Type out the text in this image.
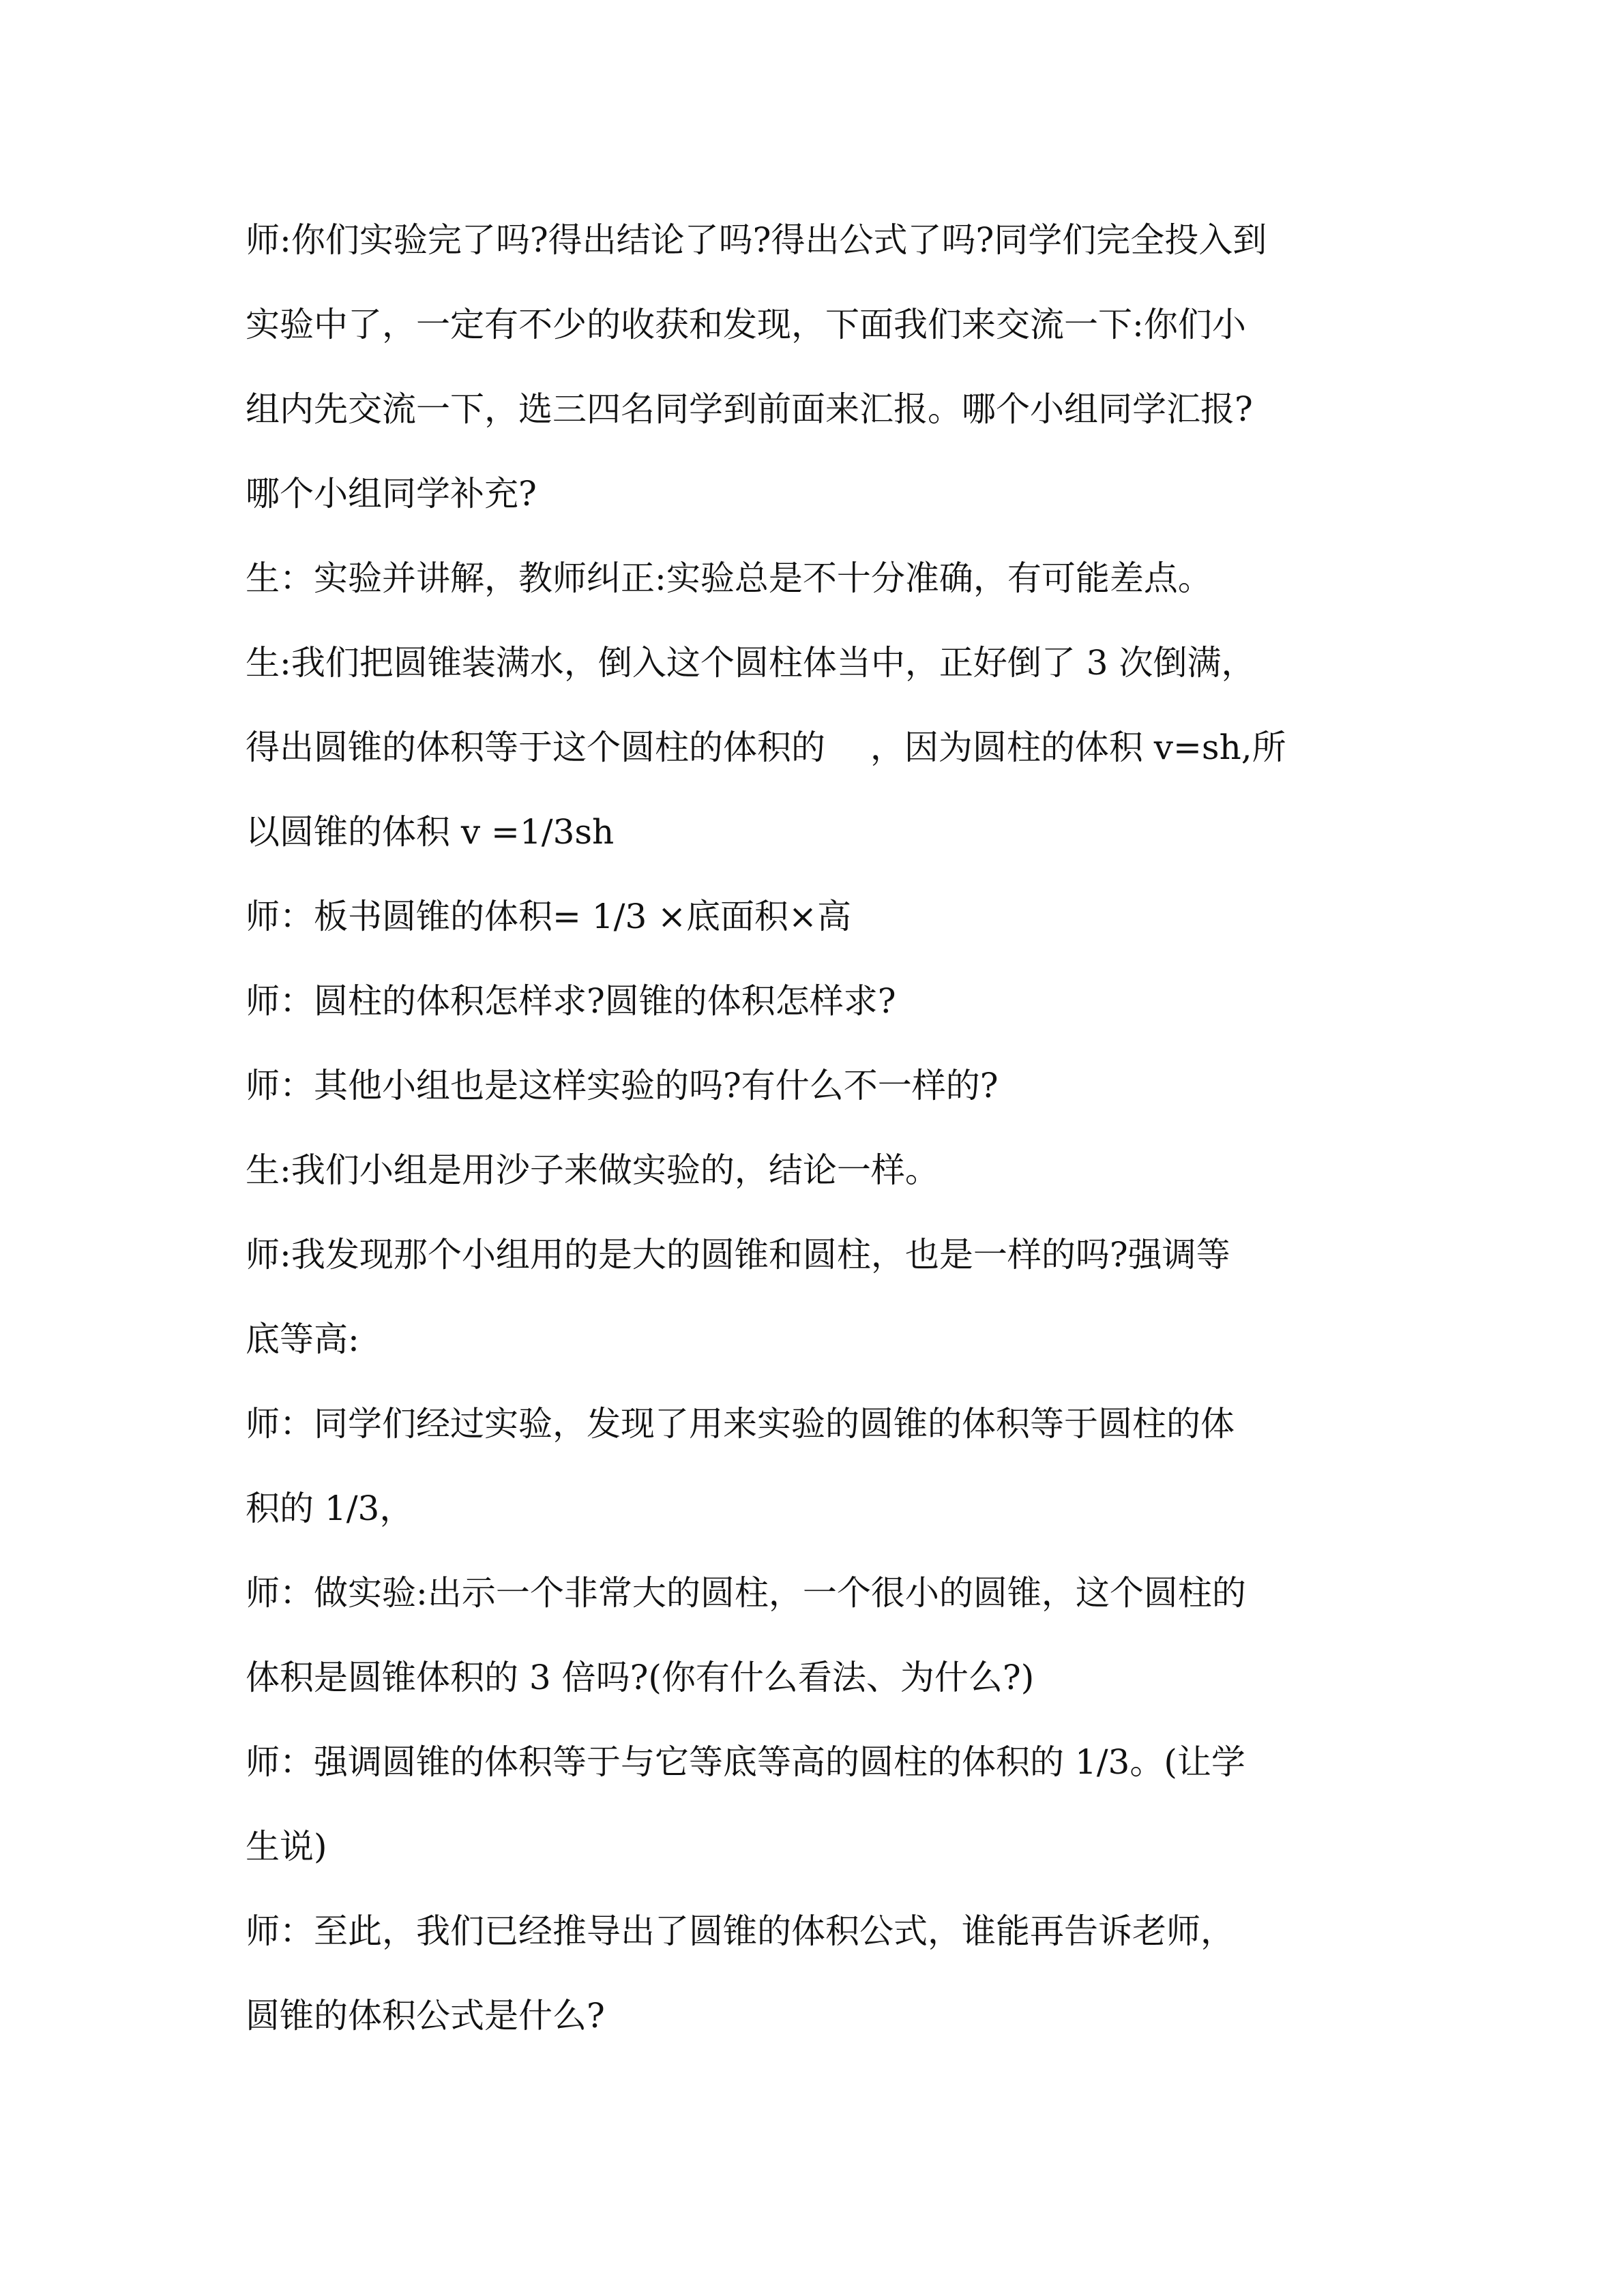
师:你们实验完了吗?得出结论了吗?得出公式了吗?同学们完全投入到

实验中了，一定有不少的收获和发现，下面我们来交流一下:你们小

组内先交流一下，选三四名同学到前面来汇报。哪个小组同学汇报?

哪个小组同学补充?

生：实验并讲解，教师纠正:实验总是不十分准确，有可能差点。

生:我们把圆锥装满水，倒入这个圆柱体当中，正好倒了 3 次倒满，

得出圆锥的体积等于这个圆柱的体积的　 ，因为圆柱的体积 v=sh,所

以圆锥的体积 v =1/3sh

师：板书圆锥的体积= 1/3 ×底面积×高

师：圆柱的体积怎样求?圆锥的体积怎样求?

师：其他小组也是这样实验的吗?有什么不一样的?

生:我们小组是用沙子来做实验的，结论一样。

师:我发现那个小组用的是大的圆锥和圆柱，也是一样的吗?强调等

底等高:

师：同学们经过实验，发现了用来实验的圆锥的体积等于圆柱的体

积的 1/3，

师：做实验:出示一个非常大的圆柱，一个很小的圆锥，这个圆柱的

体积是圆锥体积的 3 倍吗?(你有什么看法、为什么?)

师：强调圆锥的体积等于与它等底等高的圆柱的体积的 1/3。(让学

生说)

师：至此，我们已经推导出了圆锥的体积公式，谁能再告诉老师，

圆锥的体积公式是什么?
